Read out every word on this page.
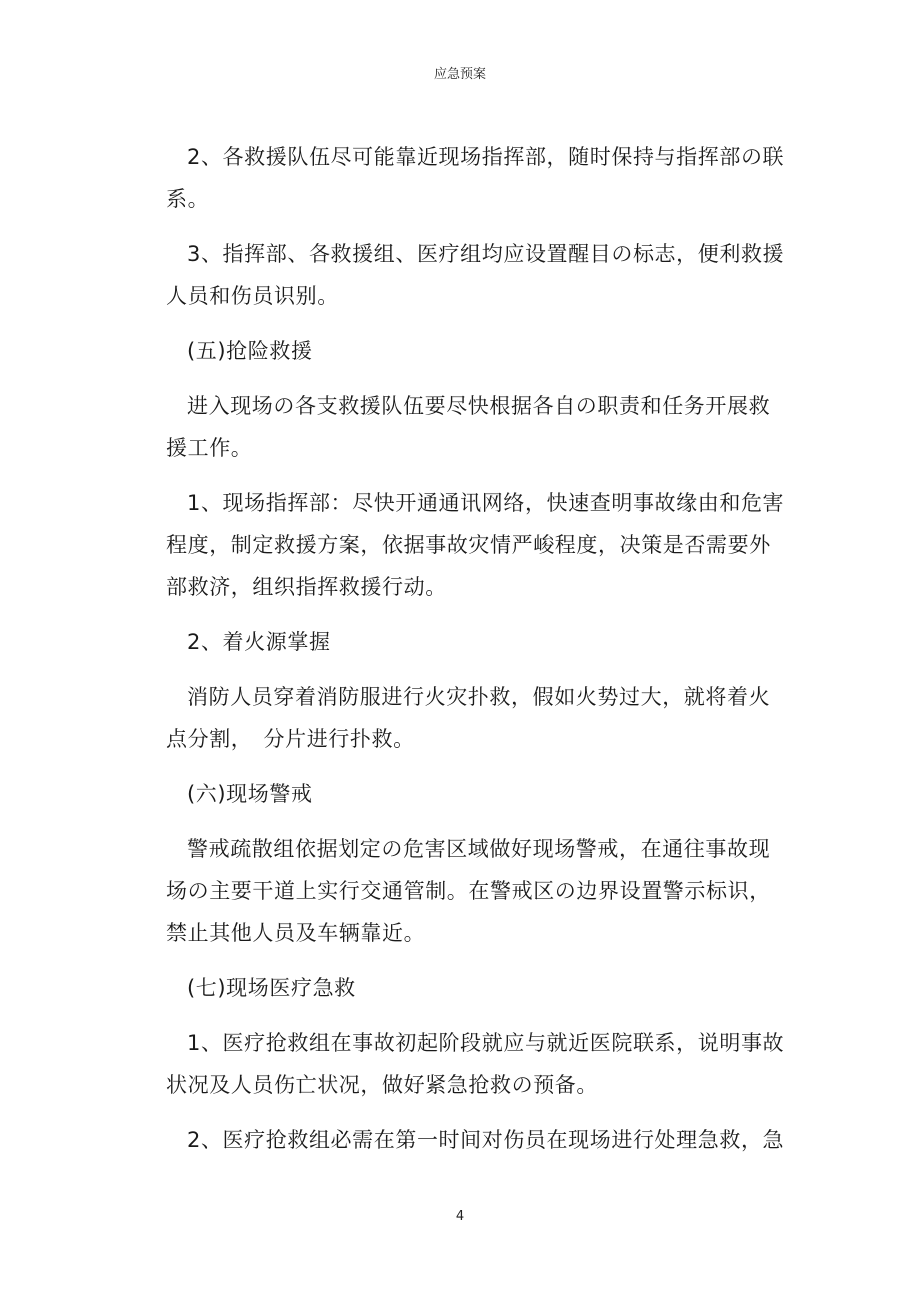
应急预案

2、各救援队伍尽可能靠近现场指挥部，随时保持与指挥部の联系。

3、指挥部、各救援组、医疗组均应设置醒目の标志，便利救援人员和伤员识别。

(五)抢险救援

进入现场の各支救援队伍要尽快根据各自の职责和任务开展救援工作。

1、现场指挥部：尽快开通通讯网络，快速查明事故缘由和危害程度，制定救援方案，依据事故灾情严峻程度，决策是否需要外部救济，组织指挥救援行动。

2、着火源掌握

消防人员穿着消防服进行火灾扑救，假如火势过大，就将着火点分割，　分片进行扑救。

(六)现场警戒

警戒疏散组依据划定の危害区域做好现场警戒，在通往事故现场の主要干道上实行交通管制。在警戒区の边界设置警示标识，禁止其他人员及车辆靠近。

(七)现场医疗急救

1、医疗抢救组在事故初起阶段就应与就近医院联系，说明事故状况及人员伤亡状况，做好紧急抢救の预备。

2、医疗抢救组必需在第一时间对伤员在现场进行处理急救，急

4
